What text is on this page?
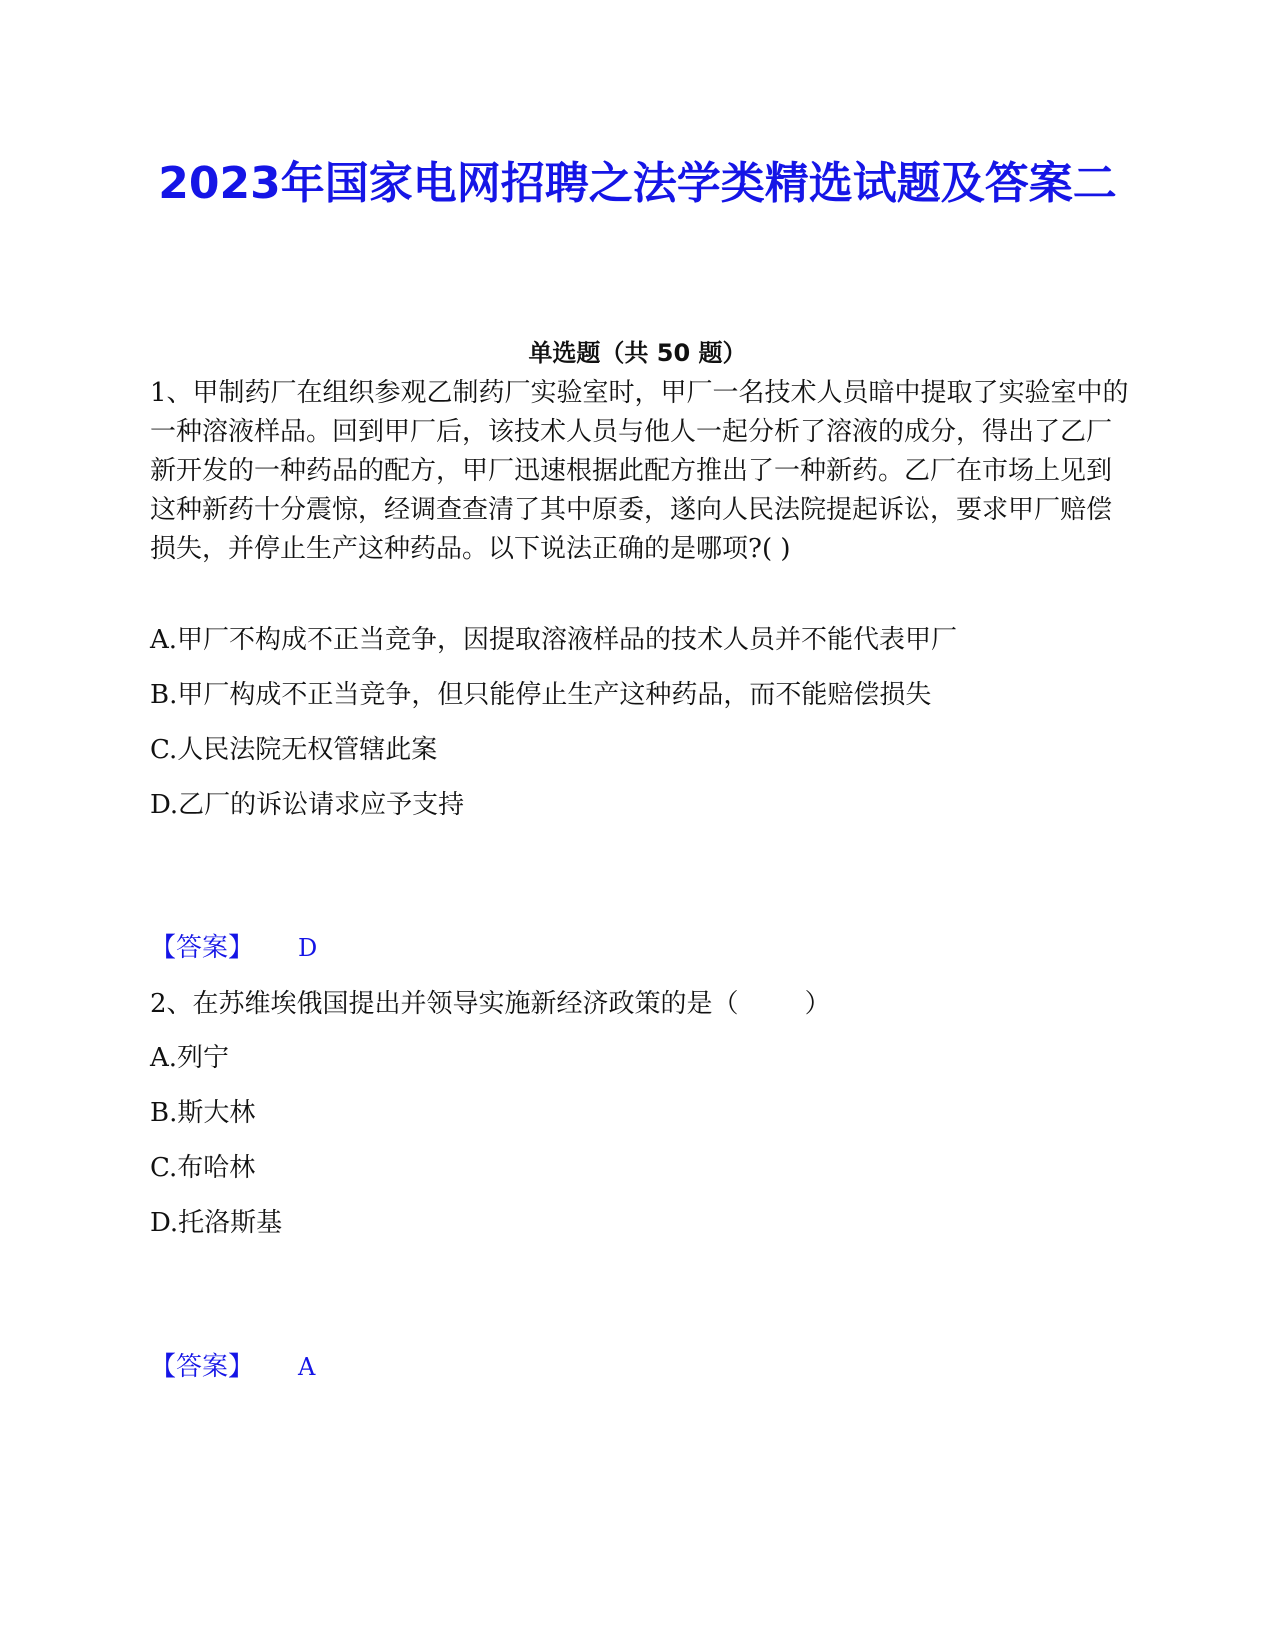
2023年国家电网招聘之法学类精选试题及答案二
单选题（共 50 题）

1、甲制药厂在组织参观乙制药厂实验室时，甲厂一名技术人员暗中提取了实验室中的一种溶液样品。回到甲厂后，该技术人员与他人一起分析了溶液的成分，得出了乙厂新开发的一种药品的配方，甲厂迅速根据此配方推出了一种新药。乙厂在市场上见到这种新药十分震惊，经调查查清了其中原委，遂向人民法院提起诉讼，要求甲厂赔偿损失，并停止生产这种药品。以下说法正确的是哪项?( )

A.甲厂不构成不正当竞争，因提取溶液样品的技术人员并不能代表甲厂

B.甲厂构成不正当竞争，但只能停止生产这种药品，而不能赔偿损失

C.人民法院无权管辖此案

D.乙厂的诉讼请求应予支持

【答案】 D

2、在苏维埃俄国提出并领导实施新经济政策的是（        ）

A.列宁

B.斯大林

C.布哈林

D.托洛斯基

【答案】 A
